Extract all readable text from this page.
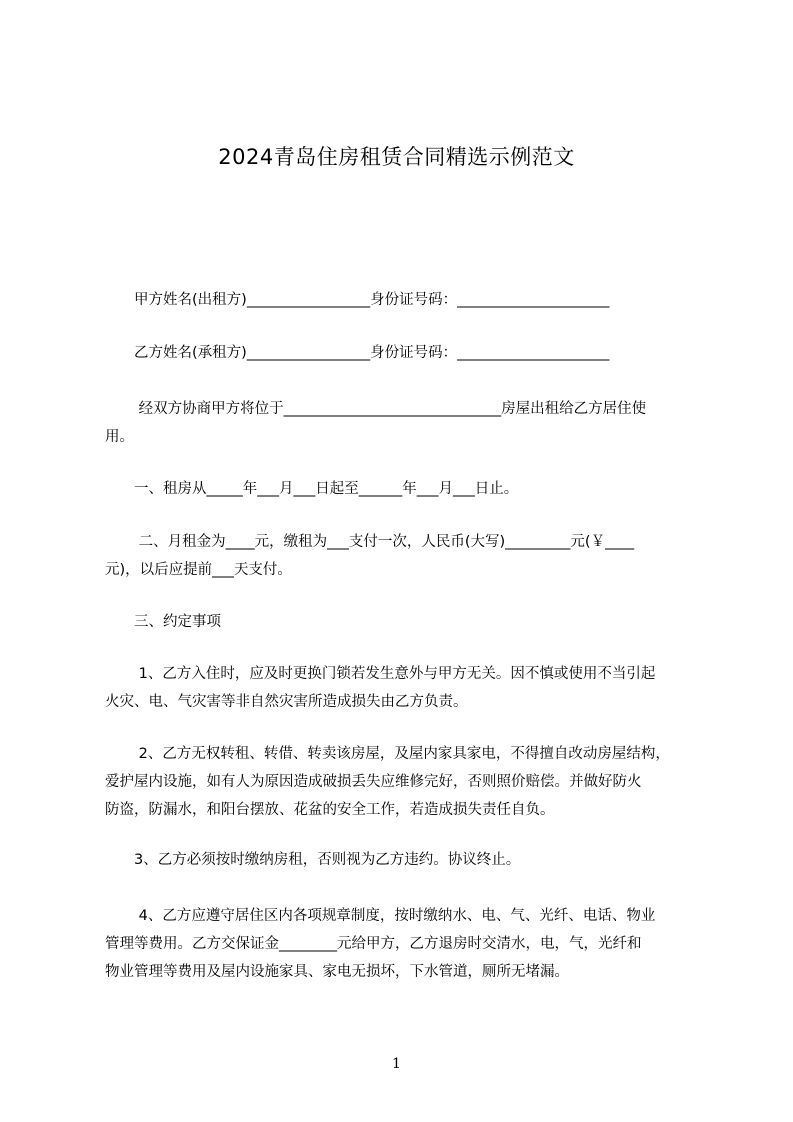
2024青岛住房租赁合同精选示例范文
　　甲方姓名(出租方)_________________身份证号码：_____________________
　　乙方姓名(承租方)_________________身份证号码：_____________________
　　 经双方协商甲方将位于______________________________房屋出租给乙方居住使
用。
　　一、租房从_____年___月___日起至______年___月___日止。
　　 二、月租金为____元，缴租为___支付一次，人民币(大写)_________元(￥____
元)，以后应提前___天支付。
　　三、约定事项
　　 1、乙方入住时，应及时更换门锁若发生意外与甲方无关。因不慎或使用不当引起
火灾、电、气灾害等非自然灾害所造成损失由乙方负责。
　　 2、乙方无权转租、转借、转卖该房屋，及屋内家具家电，不得擅自改动房屋结构，
爱护屋内设施，如有人为原因造成破损丢失应维修完好，否则照价赔偿。并做好防火
防盗，防漏水，和阳台摆放、花盆的安全工作，若造成损失责任自负。
　　3、乙方必须按时缴纳房租，否则视为乙方违约。协议终止。
　　 4、乙方应遵守居住区内各项规章制度，按时缴纳水、电、气、光纤、电话、物业
管理等费用。乙方交保证金________元给甲方，乙方退房时交清水，电，气，光纤和
物业管理等费用及屋内设施家具、家电无损坏，下水管道，厕所无堵漏。
1
